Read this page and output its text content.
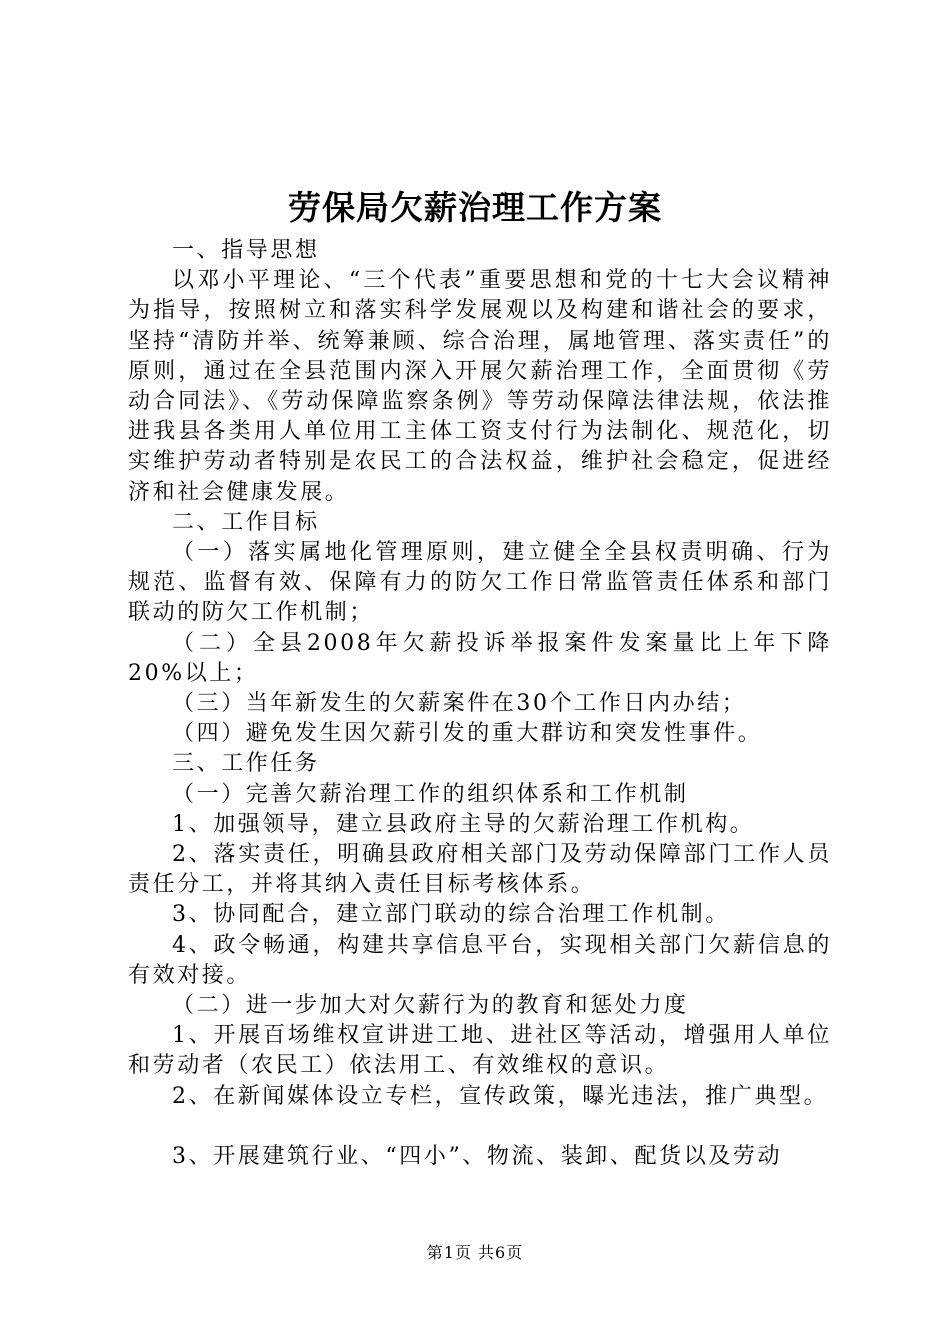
劳保局欠薪治理工作方案

一、指导思想

以邓小平理论、“三个代表”重要思想和党的十七大会议精神为指导，按照树立和落实科学发展观以及构建和谐社会的要求，坚持“清防并举、统筹兼顾、综合治理，属地管理、落实责任”的原则，通过在全县范围内深入开展欠薪治理工作，全面贯彻《劳动合同法》、《劳动保障监察条例》等劳动保障法律法规，依法推进我县各类用人单位用工主体工资支付行为法制化、规范化，切实维护劳动者特别是农民工的合法权益，维护社会稳定，促进经济和社会健康发展。

二、工作目标

（一）落实属地化管理原则，建立健全全县权责明确、行为规范、监督有效、保障有力的防欠工作日常监管责任体系和部门联动的防欠工作机制；

（二）全县2008年欠薪投诉举报案件发案量比上年下降20%以上；

（三）当年新发生的欠薪案件在30个工作日内办结；

（四）避免发生因欠薪引发的重大群访和突发性事件。

三、工作任务

（一）完善欠薪治理工作的组织体系和工作机制

1、加强领导，建立县政府主导的欠薪治理工作机构。

2、落实责任，明确县政府相关部门及劳动保障部门工作人员责任分工，并将其纳入责任目标考核体系。

3、协同配合，建立部门联动的综合治理工作机制。

4、政令畅通，构建共享信息平台，实现相关部门欠薪信息的有效对接。

（二）进一步加大对欠薪行为的教育和惩处力度

1、开展百场维权宣讲进工地、进社区等活动，增强用人单位和劳动者（农民工）依法用工、有效维权的意识。

2、在新闻媒体设立专栏，宣传政策，曝光违法，推广典型。

3、开展建筑行业、“四小”、物流、装卸、配货以及劳动

第1页 共6页
